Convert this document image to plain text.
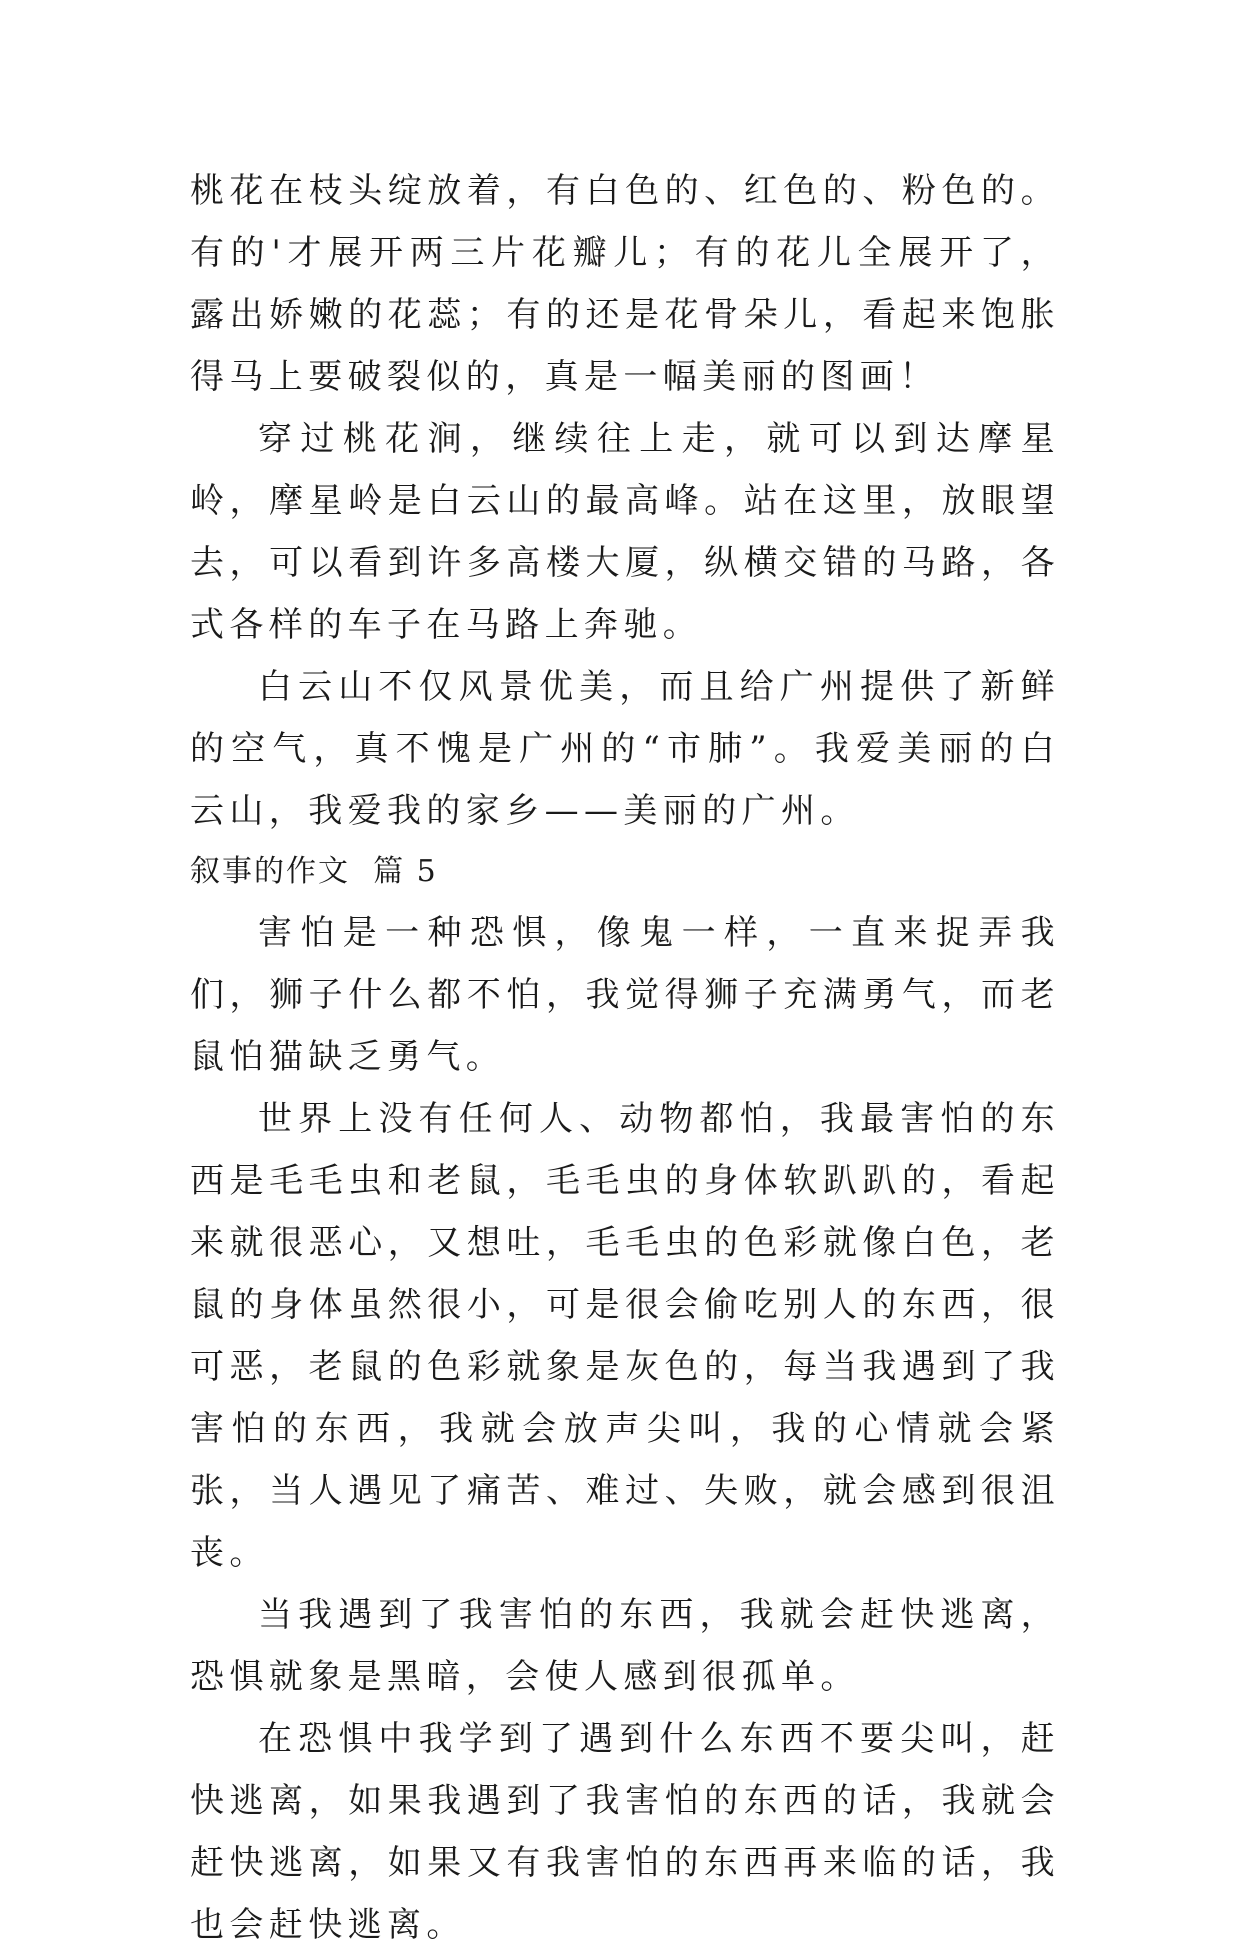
桃花在枝头绽放着，有白色的、红色的、粉色的。有的'才展开两三片花瓣儿；有的花儿全展开了，露出娇嫩的花蕊；有的还是花骨朵儿，看起来饱胀得马上要破裂似的，真是一幅美丽的图画！

穿过桃花涧，继续往上走，就可以到达摩星岭，摩星岭是白云山的最高峰。站在这里，放眼望去，可以看到许多高楼大厦，纵横交错的马路，各式各样的车子在马路上奔驰。

白云山不仅风景优美，而且给广州提供了新鲜的空气，真不愧是广州的“市肺”。我爱美丽的白云山，我爱我的家乡——美丽的广州。

叙事的作文  篇 5

害怕是一种恐惧，像鬼一样，一直来捉弄我们，狮子什么都不怕，我觉得狮子充满勇气，而老鼠怕猫缺乏勇气。

世界上没有任何人、动物都怕，我最害怕的东西是毛毛虫和老鼠，毛毛虫的身体软趴趴的，看起来就很恶心，又想吐，毛毛虫的色彩就像白色，老鼠的身体虽然很小，可是很会偷吃别人的东西，很可恶，老鼠的色彩就象是灰色的，每当我遇到了我害怕的东西，我就会放声尖叫，我的心情就会紧张，当人遇见了痛苦、难过、失败，就会感到很沮丧。

当我遇到了我害怕的东西，我就会赶快逃离，恐惧就象是黑暗，会使人感到很孤单。

在恐惧中我学到了遇到什么东西不要尖叫，赶快逃离，如果我遇到了我害怕的东西的话，我就会赶快逃离，如果又有我害怕的东西再来临的话，我也会赶快逃离。
